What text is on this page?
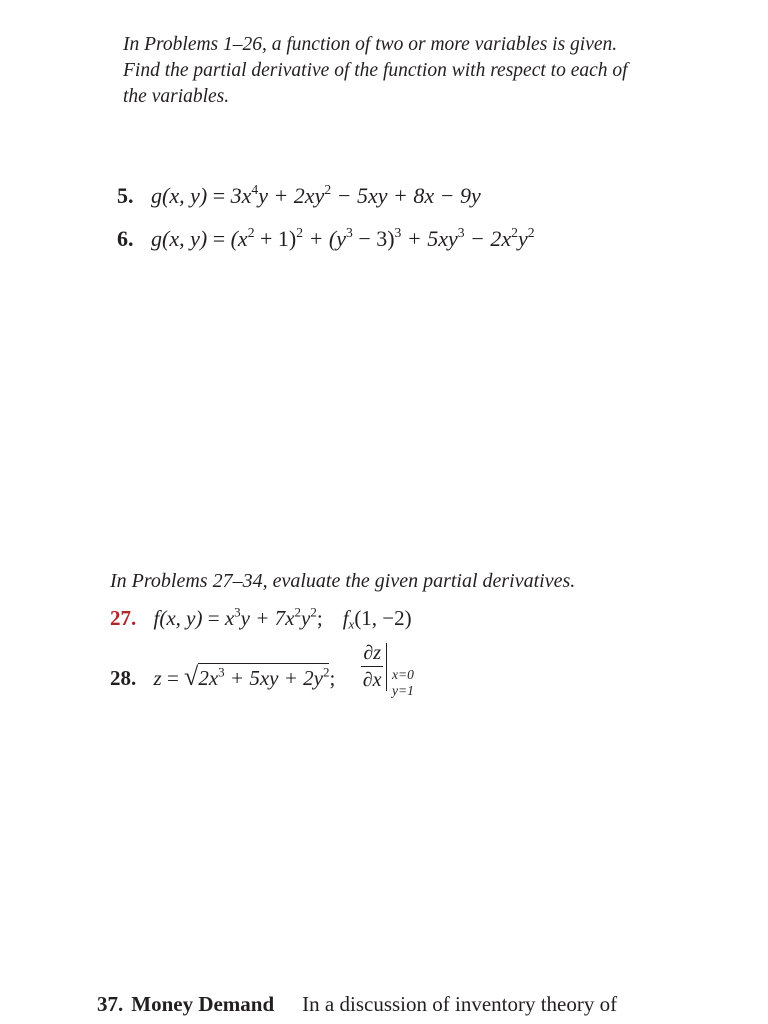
In Problems 1–26, a function of two or more variables is given.
Find the partial derivative of the function with respect to each of
the variables.
5. g(x, $y) = 3x^4y + 2xy^2 - 5xy + 8x - 9y$
6. g(x, $y) = (x^2 + 1)^2 + (y^3 - 3)^3 + 5xy^3 - 2x^2y^2$
In Problems 27–34, evaluate the given partial derivatives.
27. f(x, $y) = x^3y + 7x^2y^2$; $f_x(1$, −2)
28. $z = √2x^3 + 5xy + 2y^2$; $\frac{\partial z}{\partial x} x=0$
y=1
37. Money Demand In a discussion of inventory theory of
